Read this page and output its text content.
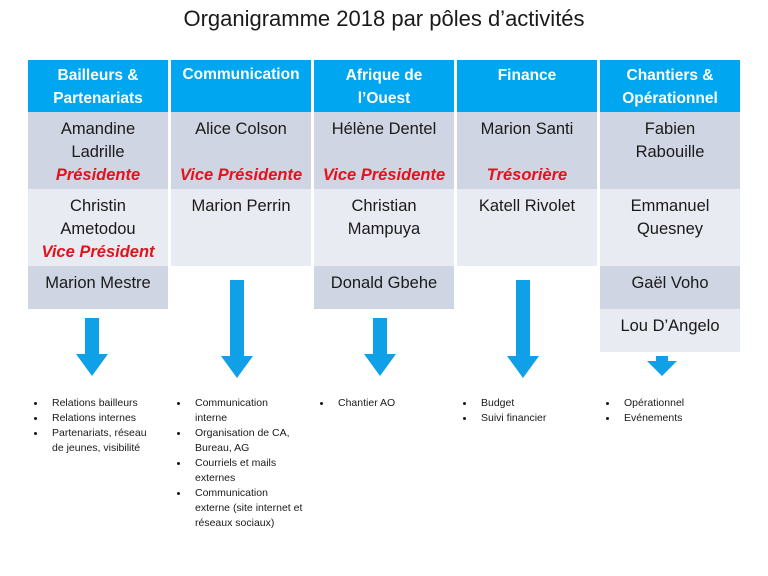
Organigramme 2018 par pôles d’activités
Bailleurs &
Partenariats
Amandine
Ladrille
Présidente
Christin
Ametodou
Vice Président
Marion Mestre
Communication
Alice Colson
Vice Présidente
Marion Perrin
Afrique de
l’Ouest
Hélène Dentel
Vice Présidente
Christian
Mampuya
Donald Gbehe
Finance
Marion Santi
Trésorière
Katell Rivolet
Chantiers &
Opérationnel
Fabien
Rabouille
Emmanuel
Quesney
Gaël Voho
Lou D’Angelo
Relations bailleurs
Relations internes
Partenariats, réseau de jeunes, visibilité
Communication interne
Organisation de CA, Bureau, AG
Courriels et mails externes
Communication externe (site internet et réseaux sociaux)
Chantier AO	Budget
Suivi financier
Opérationnel
Evénements
